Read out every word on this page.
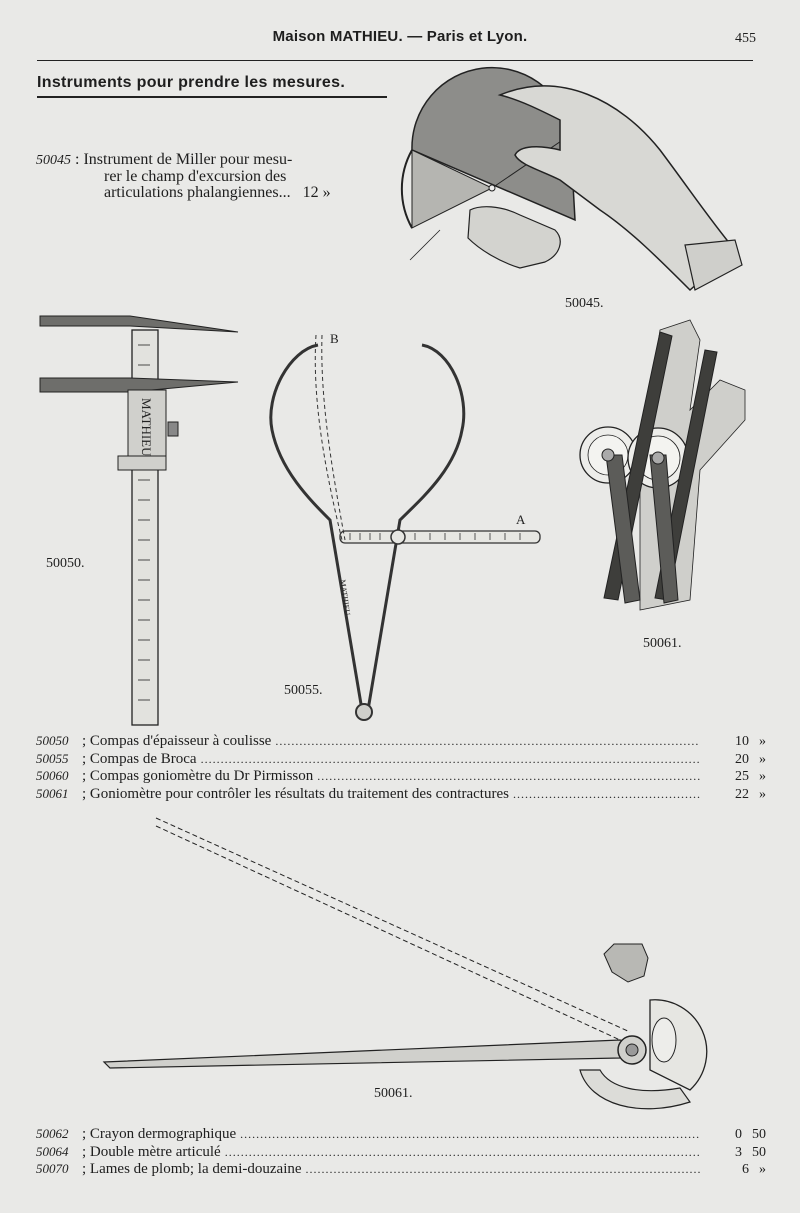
Maison MATHIEU. — Paris et Lyon.	455
Instruments pour prendre les mesures.
50045 : Instrument de Miller pour mesu-
rer le champ d'excursion des
articulations phalangiennes... 12 »
MATHIEU
B
A
MATHIEU
50045.
50050.
50055.
50061.
50061.
50050 ; Compas d'épaisseur à coulisse .....	10 »
50055 ; Compas de Broca .....	20 »
50060 ; Compas goniomètre du Dr Pirmisson .....	25 »
50061 ; Goniomètre pour contrôler les résultats du traitement des contractures .....	22 »
50062 ; Crayon dermographique .....	0 50
50064 ; Double mètre articulé .....	3 50
50070 ; Lames de plomb; la demi-douzaine .....	6 »
